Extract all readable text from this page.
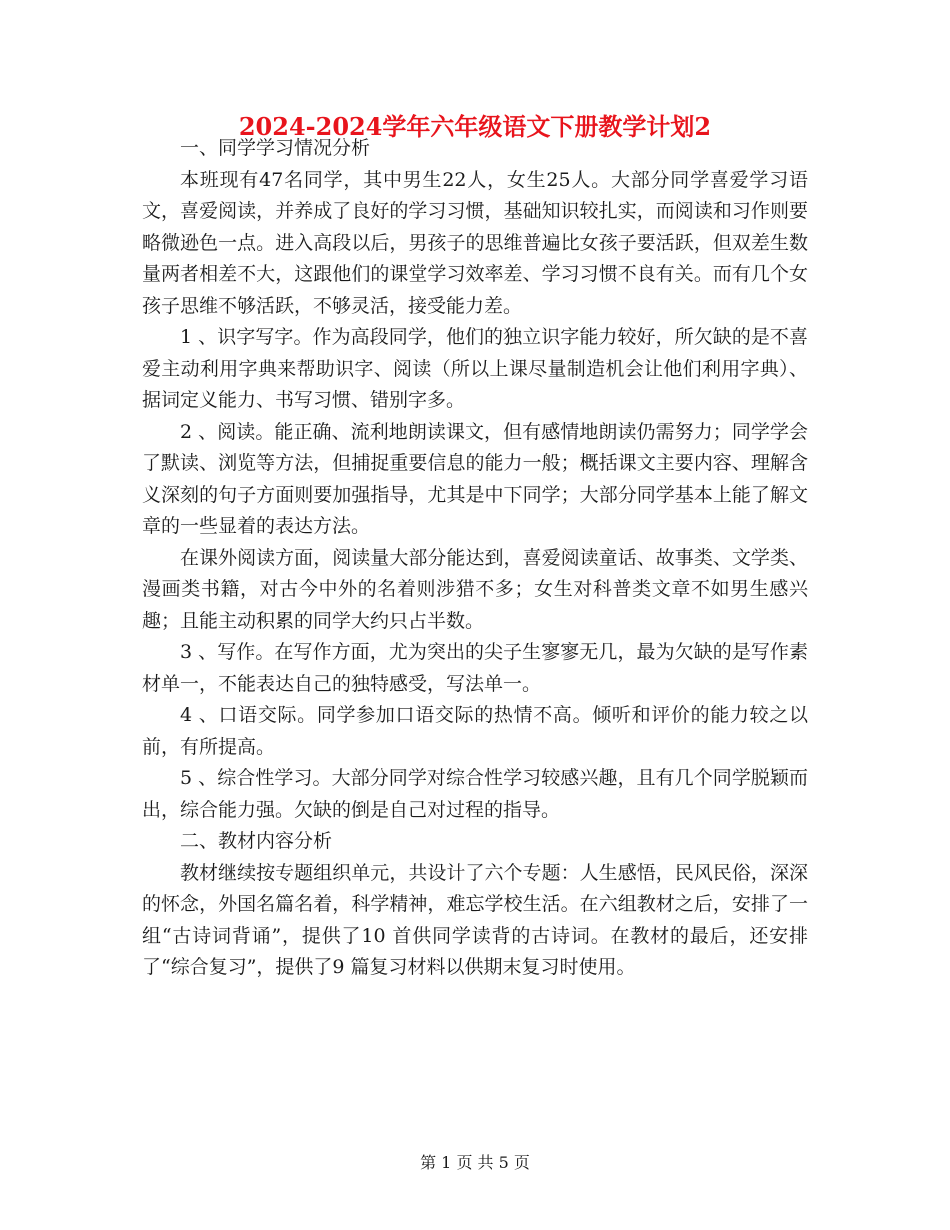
2024-2024学年六年级语文下册教学计划2

一、同学学习情况分析

本班现有47名同学，其中男生22人，女生25人。大部分同学喜爱学习语文，喜爱阅读，并养成了良好的学习习惯，基础知识较扎实，而阅读和习作则要略微逊色一点。进入高段以后，男孩子的思维普遍比女孩子要活跃，但双差生数量两者相差不大，这跟他们的课堂学习效率差、学习习惯不良有关。而有几个女孩子思维不够活跃，不够灵活，接受能力差。

1 、识字写字。作为高段同学，他们的独立识字能力较好，所欠缺的是不喜爱主动利用字典来帮助识字、阅读（所以上课尽量制造机会让他们利用字典）、据词定义能力、书写习惯、错别字多。

2 、阅读。能正确、流利地朗读课文，但有感情地朗读仍需努力；同学学会了默读、浏览等方法，但捕捉重要信息的能力一般；概括课文主要内容、理解含义深刻的句子方面则要加强指导，尤其是中下同学；大部分同学基本上能了解文章的一些显着的表达方法。

在课外阅读方面，阅读量大部分能达到，喜爱阅读童话、故事类、文学类、漫画类书籍，对古今中外的名着则涉猎不多；女生对科普类文章不如男生感兴趣；且能主动积累的同学大约只占半数。

3 、写作。在写作方面，尤为突出的尖子生寥寥无几，最为欠缺的是写作素材单一，不能表达自己的独特感受，写法单一。

4 、口语交际。同学参加口语交际的热情不高。倾听和评价的能力较之以前，有所提高。

5 、综合性学习。大部分同学对综合性学习较感兴趣，且有几个同学脱颖而出，综合能力强。欠缺的倒是自己对过程的指导。

二、教材内容分析

教材继续按专题组织单元，共设计了六个专题：人生感悟，民风民俗，深深的怀念，外国名篇名着，科学精神，难忘学校生活。在六组教材之后，安排了一组“古诗词背诵”，提供了10 首供同学读背的古诗词。在教材的最后，还安排了“综合复习”，提供了9 篇复习材料以供期末复习时使用。

第 1 页 共 5 页
